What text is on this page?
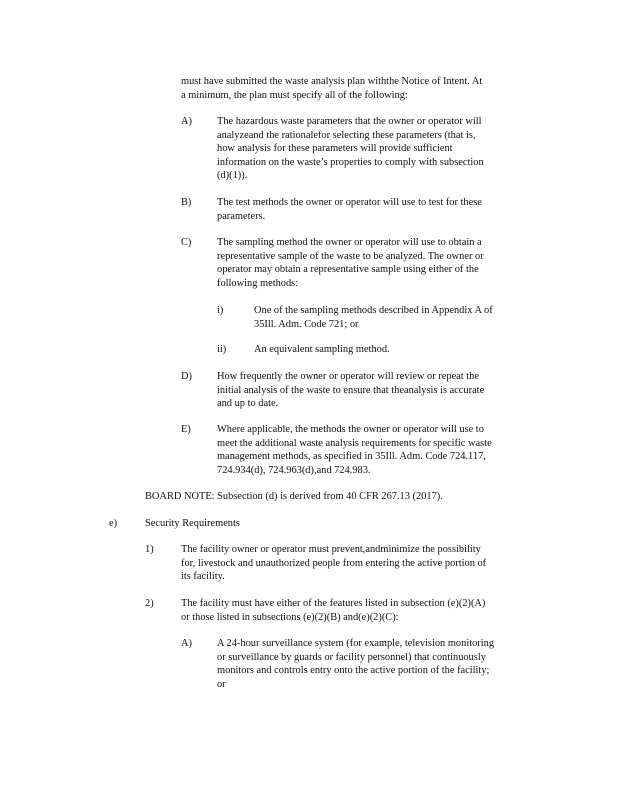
must have submitted the waste analysis plan withthe Notice of Intent. At
a minimum, the plan must specify all of the following:
A) The hazardous waste parameters that the owner or operator will
analyzeand the rationalefor selecting these parameters (that is,
how analysis for these parameters will provide sufficient
information on the waste’s properties to comply with subsection
(d)(1)).
B) The test methods the owner or operator will use to test for these
parameters.
C) The sampling method the owner or operator will use to obtain a
representative sample of the waste to be analyzed. The owner or
operator may obtain a representative sample using either of the
following methods:
i)	One of the sampling methods described in Appendix A of
35Ill. Adm. Code 721; or
ii)	An equivalent sampling method.
D) How frequently the owner or operator will review or repeat the
initial analysis of the waste to ensure that theanalysis is accurate
and up to date.
E)	Where applicable, the methods the owner or operator will use to
meet the additional waste analysis requirements for specific waste
management methods, as specified in 35Ill. Adm. Code 724.117,
724.934(d), 724.963(d),and 724.983.
BOARD NOTE: Subsection (d) is derived from 40 CFR 267.13 (2017).
e)	Security Requirements
1)	The facility owner or operator must prevent,andminimize the possibility
for, livestock and unauthorized people from entering the active portion of
its facility.
2)	The facility must have either of the features listed in subsection (e)(2)(A)
or those listed in subsections (e)(2)(B) and(e)(2)(C):
A) A 24-hour surveillance system (for example, television monitoring
or surveillance by guards or facility personnel) that continuously
monitors and controls entry onto the active portion of the facility;
or
